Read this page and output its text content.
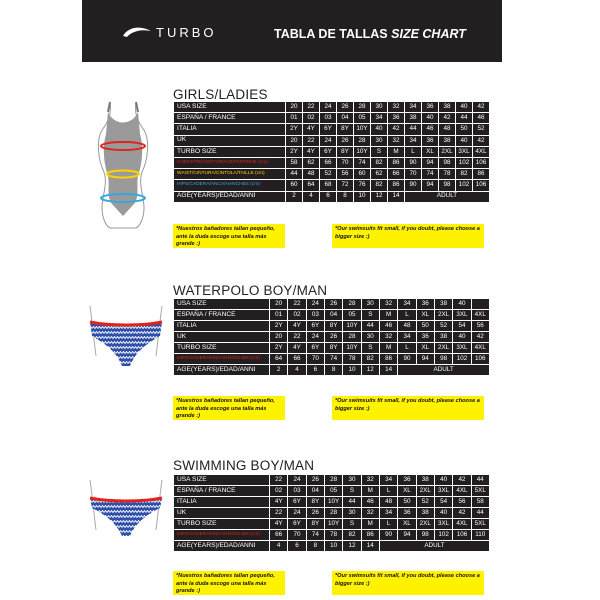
TURBO	TABLA DE TALLAS SIZE CHART
GIRLS/LADIES
USA SIZE	20	22	24	26	28	30	32	34	36	38	40	42
ESPAÑA / FRANCE	01	02	03	04	05	34	36	38	40	42	44	46
ITALIA	2Y	4Y	6Y	8Y	10Y	40	42	44	46	48	50	52
UK	20	22	24	26	28	30	32	34	36	38	40	42
TURBO SIZE	2Y	4Y	6Y	8Y	10Y	S	M	L	XL	2XL	3XL	4XL
CHEST/PECHO/TORACE/POITRINE (cm)	58	62	66	70	74	82	86	90	94	98	102	106
WAIST/CINTURA/CINTOLA/TAILLE (cm)	44	48	52	56	60	62	66	70	74	78	82	86
HIPS/CADERA/ANCA/HANCHES (cm)	60	64	68	72	76	82	86	90	94	98	102	106
AGE(YEARS)/EDAD/ANNI	2	4	6	8	10	12	14	ADULT				
*Nuestros bañadores tallan pequeño, ante la duda escoge una talla más grande :)
*Our swimsuits fit small, if you doubt, please choose a bigger size :)
WATERPOLO BOY/MAN
USA SIZE	20	22	24	26	28	30	32	34	36	38	40	
ESPAÑA / FRANCE	01	02	03	04	05	S	M	L	XL	2XL	3XL	4XL
ITALIA	2Y	4Y	6Y	8Y	10Y	44	46	48	50	52	54	56
UK	20	22	24	26	28	30	32	34	36	38	40	42
TURBO SIZE	2Y	4Y	6Y	8Y	10Y	S	M	L	XL	2XL	3XL	4XL
HIPS/CADERA/ANCA/HANCHES (cm)	64	66	70	74	78	82	86	90	94	98	102	106
AGE(YEARS)/EDAD/ANNI	2	4	6	8	10	12	14	ADULT				
*Nuestros bañadores tallan pequeño, ante la duda escoge una talla más grande :)
*Our swimsuits fit small, if you doubt, please choose a bigger size :)
SWIMMING BOY/MAN
USA SIZE	22	24	26	28	30	32	34	36	38	40	42	44
ESPAÑA / FRANCE	02	03	04	05	S	M	L	XL	2XL	3XL	4XL	5XL
ITALIA	4Y	6Y	8Y	10Y	44	46	48	50	52	54	56	58
UK	22	24	26	28	30	32	34	36	38	40	42	44
TURBO SIZE	4Y	6Y	8Y	10Y	S	M	L	XL	2XL	3XL	4XL	5XL
HIPS/CADERA/ANCA/HANCHES (cm)	66	70	74	78	82	86	90	94	98	102	106	110
AGE(YEARS)/EDAD/ANNI	4	6	8	10	12	14	ADULT					
*Nuestros bañadores tallan pequeño, ante la duda escoge una talla más grande :)
*Our swimsuits fit small, if you doubt, please choose a bigger size :)
